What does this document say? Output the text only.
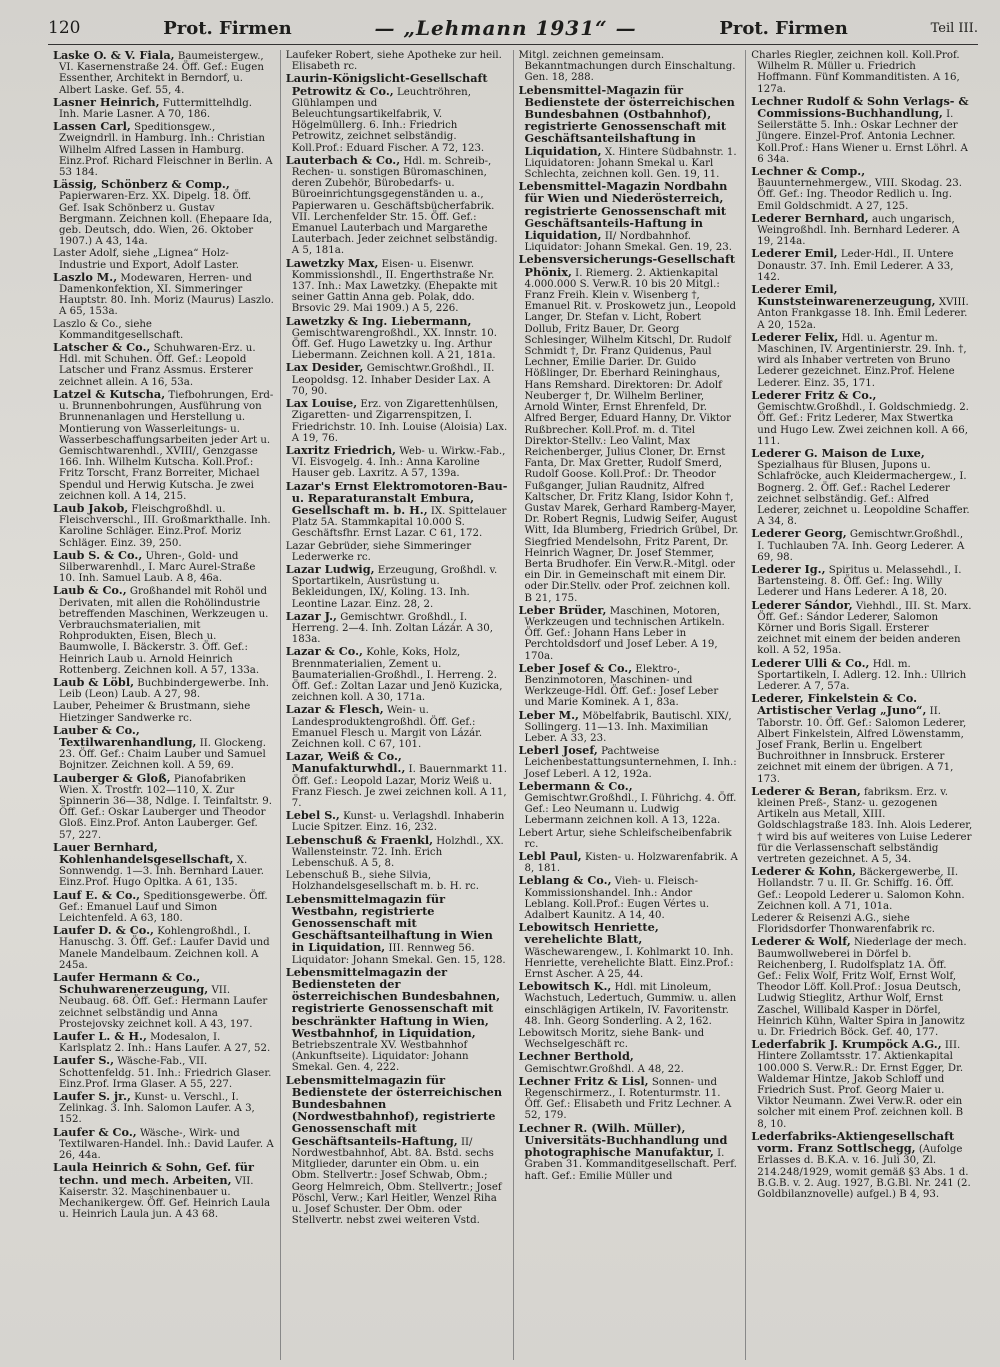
120	Prot. Firmen	— „Lehmann 1931“ —	Prot. Firmen	Teil III.
Laske O. & V. Fiala, Baumeistergew., VI. Kasernenstraße 24. Öff. Gef.: Eugen Essenther, Architekt in Berndorf, u. Albert Laske. Gef. 55, 4.
Lasner Heinrich, Futtermittelhdlg. Inh. Marie Lasner. A 70, 186.
Lassen Carl, Speditionsgew., Zweigndrll. in Hamburg. Inh.: Christian Wilhelm Alfred Lassen in Hamburg. Einz.Prof. Richard Fleischner in Berlin. A 53 184.
Lässig, Schönberz & Comp., Papierwaren-Erz. XX. Dipelg. 18. Öff. Gef. Isak Schönberz u. Gustav Bergmann. Zeichnen koll. (Ehepaare Ida, geb. Deutsch, ddo. Wien, 26. Oktober 1907.) A 43, 14a.
Laster Adolf, siehe „Lignea“ Holz-Industrie und Export, Adolf Laster.
Laszlo M., Modewaren, Herren- und Damenkonfektion, XI. Simmeringer Hauptstr. 80. Inh. Moriz (Maurus) Laszlo. A 65, 153a.
Laszlo & Co., siehe Kommanditgesellschaft.
Latscher & Co., Schuhwaren-Erz. u. Hdl. mit Schuhen. Öff. Gef.: Leopold Latscher und Franz Assmus. Ersterer zeichnet allein. A 16, 53a.
Latzel & Kutscha, Tiefbohrungen, Erd- u. Brunnenbohrungen, Ausführung von Brunnenanlagen und Herstellung u. Montierung von Wasserleitungs- u. Wasserbeschaffungsarbeiten jeder Art u. Gemischtwarenhdl., XVIII/, Genzgasse 166. Inh. Wilhelm Kutscha. Koll.Prof.: Fritz Torscht, Franz Borreiter, Michael Spendul und Herwig Kutscha. Je zwei zeichnen koll. A 14, 215.
Laub Jakob, Fleischgroßhdl. u. Fleischverschl., III. Großmarkthalle. Inh. Karoline Schläger. Einz.Prof. Moriz Schläger. Einz. 39, 250.
Laub S. & Co., Uhren-, Gold- und Silberwarenhdl., I. Marc Aurel-Straße 10. Inh. Samuel Laub. A 8, 46a.
Laub & Co., Großhandel mit Rohöl und Derivaten, mit allen die Rohölindustrie betreffenden Maschinen, Werkzeugen u. Verbrauchsmaterialien, mit Rohprodukten, Eisen, Blech u. Baumwolle, I. Bäckerstr. 3. Öff. Gef.: Heinrich Laub u. Arnold Heinrich Rottenberg. Zeichnen koll. A 57, 133a.
Laub & Löbl, Buchbindergewerbe. Inh. Leib (Leon) Laub. A 27, 98.
Lauber, Peheimer & Brustmann, siehe Hietzinger Sandwerke rc.
Lauber & Co., Textilwarenhandlung, II. Glockeng. 23. Öff. Gef.: Chaim Lauber und Samuel Bojnitzer. Zeichnen koll. A 59, 69.
Lauberger & Gloß, Pianofabriken Wien. X. Trostfr. 102—110, X. Zur Spinnerin 36—38, Ndlge. I. Teinfaltstr. 9. Öff. Gef.: Oskar Lauberger und Theodor Gloß. Einz.Prof. Anton Lauberger. Gef. 57, 227.
Lauer Bernhard, Kohlenhandelsgesellschaft, X. Sonnwendg. 1—3. Inh. Bernhard Lauer. Einz.Prof. Hugo Opltka. A 61, 135.
Lauf E. & Co., Speditionsgewerbe. Öff. Gef.: Emanuel Lauf und Simon Leichtenfeld. A 63, 180.
Laufer D. & Co., Kohlengroßhdl., I. Hanuschg. 3. Öff. Gef.: Laufer David und Manele Mandelbaum. Zeichnen koll. A 245a.
Laufer Hermann & Co., Schuhwarenerzeugung, VII. Neubaug. 68. Öff. Gef.: Hermann Laufer zeichnet selbständig und Anna Prostejovsky zeichnet koll. A 43, 197.
Laufer L. & H., Modesalon, I. Karlsplatz 2. Inh.: Hans Laufer. A 27, 52.
Laufer S., Wäsche-Fab., VII. Schottenfeldg. 51. Inh.: Friedrich Glaser. Einz.Prof. Irma Glaser. A 55, 227.
Laufer S. jr., Kunst- u. Verschl., I. Zelinkag. 3. Inh. Salomon Laufer. A 3, 152.
Laufer & Co., Wäsche-, Wirk- und Textilwaren-Handel. Inh.: David Laufer. A 26, 44a.
Laula Heinrich & Sohn, Gef. für techn. und mech. Arbeiten, VII. Kaiserstr. 32. Maschinenbauer u. Mechanikergew. Öff. Gef. Heinrich Laula u. Heinrich Laula jun. A 43 68.
Laufeker Robert, siehe Apotheke zur heil. Elisabeth rc.
Laurin-Königslicht-Gesellschaft Petrowitz & Co., Leuchtröhren, Glühlampen und Beleuchtungsartikelfabrik, V. Högelmüllerg. 6. Inh.: Friedrich Petrowitz, zeichnet selbständig. Koll.Prof.: Eduard Fischer. A 72, 123.
Lauterbach & Co., Hdl. m. Schreib-, Rechen- u. sonstigen Büromaschinen, deren Zubehör, Bürobedarfs- u. Büroeinrichtungsgegenständen u. a., Papierwaren u. Geschäftsbücherfabrik. VII. Lerchenfelder Str. 15. Öff. Gef.: Emanuel Lauterbach und Margarethe Lauterbach. Jeder zeichnet selbständig. A 5, 181a.
Lawetzky Max, Eisen- u. Eisenwr. Kommissionshdl., II. Engerthstraße Nr. 137. Inh.: Max Lawetzky. (Ehepakte mit seiner Gattin Anna geb. Polak, ddo. Brsovic 29. Mai 1909.) A 5, 226.
Lawetzky & Ing. Liebermann, Gemischtwarengroßhdl., XX. Innstr. 10. Öff. Gef. Hugo Lawetzky u. Ing. Arthur Liebermann. Zeichnen koll. A 21, 181a.
Lax Desider, Gemischtwr.Großhdl., II. Leopoldsg. 12. Inhaber Desider Lax. A 70, 90.
Lax Louise, Erz. von Zigarettenhülsen, Zigaretten- und Zigarrenspitzen, I. Friedrichstr. 10. Inh. Louise (Aloisia) Lax. A 19, 76.
Laxritz Friedrich, Web- u. Wirkw.-Fab., VI. Eisvogelg. 4. Inh.: Anna Karoline Hauser geb. Laxritz. A 57, 139a.
Lazar's Ernst Elektromotoren-Bau- u. Reparaturanstalt Embura, Gesellschaft m. b. H., IX. Spittelauer Platz 5A. Stammkapital 10.000 S. Geschäftsfhr. Ernst Lazar. C 61, 172.
Lazar Gebrüder, siehe Simmeringer Lederwerke rc.
Lazar Ludwig, Erzeugung, Großhdl. v. Sportartikeln, Ausrüstung u. Bekleidungen, IX/, Koling. 13. Inh. Leontine Lazar. Einz. 28, 2.
Lazar J., Gemischtwr. Großhdl., I. Herreng. 2—4. Inh. Zoltan Lázár. A 30, 183a.
Lazar & Co., Kohle, Koks, Holz, Brennmaterialien, Zement u. Baumaterialien-Großhdl., I. Herreng. 2. Öff. Gef.: Zoltan Lazar und Jenö Kuzicka, zeichnen koll. A 30, 171a.
Lazar & Flesch, Wein- u. Landesproduktengroßhdl. Öff. Gef.: Emanuel Flesch u. Margit von Lázár. Zeichnen koll. C 67, 101.
Lazar, Weiß & Co., Manufakturwhdl., I. Bauernmarkt 11. Öff. Gef.: Leopold Lazar, Moriz Weiß u. Franz Fiesch. Je zwei zeichnen koll. A 11, 7.
Lebel S., Kunst- u. Verlagshdl. Inhaberin Lucie Spitzer. Einz. 16, 232.
Lebenschuß & Fraenkl, Holzhdl., XX. Wallensteinstr. 72. Inh. Erich Lebenschuß. A 5, 8.
Lebenschuß B., siehe Silvia, Holzhandelsgesellschaft m. b. H. rc.
Lebensmittelmagazin für Westbahn, registrierte Genossenschaft mit Geschäftsanteilhaftung in Wien in Liquidation, III. Rennweg 56. Liquidator: Johann Smekal. Gen. 15, 128.
Lebensmittelmagazin der Bediensteten der österreichischen Bundesbahnen, registrierte Genossenschaft mit beschränkter Haftung in Wien, Westbahnhof, in Liquidation, Betriebszentrale XV. Westbahnhof (Ankunftseite). Liquidator: Johann Smekal. Gen. 4, 222.
Lebensmittelmagazin für Bedienstete der österreichischen Bundesbahnen (Nordwestbahnhof), registrierte Genossenschaft mit Geschäftsanteils-Haftung, II/ Nordwestbahnhof, Abt. 8A. Bstd. sechs Mitglieder, darunter ein Obm. u. ein Obm. Stellvertr.: Josef Schwab, Obm.; Georg Helmreich, Obm. Stellvertr.; Josef Pöschl, Verw.; Karl Heitler, Wenzel Riha u. Josef Schuster. Der Obm. oder Stellvertr. nebst zwei weiteren Vstd.
Mitgl. zeichnen gemeinsam. Bekanntmachungen durch Einschaltung. Gen. 18, 288.
Lebensmittel-Magazin für Bedienstete der österreichischen Bundesbahnen (Ostbahnhof), registrierte Genossenschaft mit Geschäftsanteilshaftung in Liquidation, X. Hintere Südbahnstr. 1. Liquidatoren: Johann Smekal u. Karl Schlechta, zeichnen koll. Gen. 19, 11.
Lebensmittel-Magazin Nordbahn für Wien und Niederösterreich, registrierte Genossenschaft mit Geschäftsanteils-Haftung in Liquidation, II/ Nordbahnhof. Liquidator: Johann Smekal. Gen. 19, 23.
Lebensversicherungs-Gesellschaft Phönix, I. Riemerg. 2. Aktienkapital 4.000.000 S. Verw.R. 10 bis 20 Mitgl.: Franz Freih. Klein v. Wisenberg †, Emanuel Rit. v. Proskowetz jun., Leopold Langer, Dr. Stefan v. Licht, Robert Dollub, Fritz Bauer, Dr. Georg Schlesinger, Wilhelm Kitschl, Dr. Rudolf Schmidt †, Dr. Franz Quidenus, Paul Lechner, Emilie Darier. Dr. Guido Hößlinger, Dr. Eberhard Reininghaus, Hans Remshard. Direktoren: Dr. Adolf Neuberger †, Dr. Wilhelm Berliner, Arnold Winter, Ernst Ehrenfeld, Dr. Alfred Berger, Eduard Hanny, Dr. Viktor Rußbrecher. Koll.Prof. m. d. Titel Direktor-Stellv.: Leo Valint, Max Reichenberger, Julius Cloner, Dr. Ernst Fanta, Dr. Max Gretter, Rudolf Smerd, Rudolf Goose. Koll.Prof.: Dr. Theodor Fußganger, Julian Raudnitz, Alfred Kaltscher, Dr. Fritz Klang, Isidor Kohn †, Gustav Marek, Gerhard Ramberg-Mayer, Dr. Robert Regnis, Ludwig Seifer, August Witt, Ida Blumberg, Friedrich Grübel, Dr. Siegfried Mendelsohn, Fritz Parent, Dr. Heinrich Wagner, Dr. Josef Stemmer, Berta Brudhofer. Ein Verw.R.-Mitgl. oder ein Dir. in Gemeinschaft mit einem Dir. oder Dir.Stellv. oder Prof. zeichnen koll. B 21, 175.
Leber Brüder, Maschinen, Motoren, Werkzeugen und technischen Artikeln. Öff. Gef.: Johann Hans Leber in Perchtoldsdorf und Josef Leber. A 19, 170a.
Leber Josef & Co., Elektro-, Benzinmotoren, Maschinen- und Werkzeuge-Hdl. Öff. Gef.: Josef Leber und Marie Kominek. A 1, 83a.
Leber M., Möbelfabrik, Bautischl. XIX/, Sollingerg. 11—13. Inh. Maximilian Leber. A 33, 23.
Leberl Josef, Pachtweise Leichenbestattungsunternehmen, I. Inh.: Josef Leberl. A 12, 192a.
Lebermann & Co., Gemischtwr.Großhdl., I. Führichg. 4. Öff. Gef.: Leo Neumann u. Ludwig Lebermann zeichnen koll. A 13, 122a.
Lebert Artur, siehe Schleifscheibenfabrik rc.
Lebl Paul, Kisten- u. Holzwarenfabrik. A 8, 181.
Leblang & Co., Vieh- u. Fleisch-Kommissionshandel. Inh.: Andor Leblang. Koll.Prof.: Eugen Vértes u. Adalbert Kaunitz. A 14, 40.
Lebowitsch Henriette, verehelichte Blatt, Wäschewarengew., I. Kohlmarkt 10. Inh. Henriette, verehelichte Blatt. Einz.Prof.: Ernst Ascher. A 25, 44.
Lebowitsch K., Hdl. mit Linoleum, Wachstuch, Ledertuch, Gummiw. u. allen einschlägigen Artikeln, IV. Favoritenstr. 48. Inh. Georg Sonderling. A 2, 162.
Lebowitsch Moritz, siehe Bank- und Wechselgeschäft rc.
Lechner Berthold, Gemischtwr.Großhdl. A 48, 22.
Lechner Fritz & Lisl, Sonnen- und Regenschirmerz., I. Rotenturmstr. 11. Öff. Gef.: Elisabeth und Fritz Lechner. A 52, 179.
Lechner R. (Wilh. Müller), Universitäts-Buchhandlung und photographische Manufaktur, I. Graben 31. Kommanditgesellschaft. Perf. haft. Gef.: Emilie Müller und
Charles Riegler, zeichnen koll. Koll.Prof. Wilhelm R. Müller u. Friedrich Hoffmann. Fünf Kommanditisten. A 16, 127a.
Lechner Rudolf & Sohn Verlags- & Commissions-Buchhandlung, I. Seilerstätte 5. Inh.: Oskar Lechner der Jüngere. Einzel-Prof. Antonia Lechner. Koll.Prof.: Hans Wiener u. Ernst Löhrl. A 6 34a.
Lechner & Comp., Bauunternehmergew., VIII. Skodag. 23. Öff. Gef.: Ing. Theodor Redlich u. Ing. Emil Goldschmidt. A 27, 125.
Lederer Bernhard, auch ungarisch, Weingroßhdl. Inh. Bernhard Lederer. A 19, 214a.
Lederer Emil, Leder-Hdl., II. Untere Donaustr. 37. Inh. Emil Lederer. A 33, 142.
Lederer Emil, Kunststeinwarenerzeugung, XVIII. Anton Frankgasse 18. Inh. Emil Lederer. A 20, 152a.
Lederer Felix, Hdl. u. Agentur m. Maschinen, IV. Argentinierstr. 29. Inh. †, wird als Inhaber vertreten von Bruno Lederer gezeichnet. Einz.Prof. Helene Lederer. Einz. 35, 171.
Lederer Fritz & Co., Gemischtw.Großhdl., I. Goldschmiedg. 2. Öff. Gef.: Fritz Lederer, Max Stwertka und Hugo Lew. Zwei zeichnen koll. A 66, 111.
Lederer G. Maison de Luxe, Spezialhaus für Blusen, Jupons u. Schlafröcke, auch Kleidermachergew., I. Bognerg. 2. Öff. Gef.: Rachel Lederer zeichnet selbständig. Gef.: Alfred Lederer, zeichnet u. Leopoldine Schaffer. A 34, 8.
Lederer Georg, Gemischtwr.Großhdl., I. Tuchlauben 7A. Inh. Georg Lederer. A 69, 98.
Lederer Ig., Spiritus u. Melassehdl., I. Bartensteing. 8. Öff. Gef.: Ing. Willy Lederer und Hans Lederer. A 18, 20.
Lederer Sándor, Viehhdl., III. St. Marx. Öff. Gef.: Sándor Lederer, Salomon Körner und Boris Sigall. Ersterer zeichnet mit einem der beiden anderen koll. A 52, 195a.
Lederer Ulli & Co., Hdl. m. Sportartikeln, I. Adlerg. 12. Inh.: Ullrich Lederer. A 7, 57a.
Lederer, Finkelstein & Co. Artistischer Verlag „Juno“, II. Taborstr. 10. Öff. Gef.: Salomon Lederer, Albert Finkelstein, Alfred Löwenstamm, Josef Frank, Berlin u. Engelbert Buchroithner in Innsbruck. Ersterer zeichnet mit einem der übrigen. A 71, 173.
Lederer & Beran, fabriksm. Erz. v. kleinen Preß-, Stanz- u. gezogenen Artikeln aus Metall, XIII. Goldschlagstraße 183. Inh. Alois Lederer, † wird bis auf weiteres von Luise Lederer für die Verlassenschaft selbständig vertreten gezeichnet. A 5, 34.
Lederer & Kohn, Bäckergewerbe, II. Hollandstr. 7 u. II. Gr. Schiffg. 16. Öff. Gef.: Leopold Lederer u. Salomon Kohn. Zeichnen koll. A 71, 101a.
Lederer & Reisenzi A.G., siehe Floridsdorfer Thonwarenfabrik rc.
Lederer & Wolf, Niederlage der mech. Baumwollweberei in Dörfel b. Reichenberg, I. Rudolfsplatz 1A. Öff. Gef.: Felix Wolf, Fritz Wolf, Ernst Wolf, Theodor Löff. Koll.Prof.: Josua Deutsch, Ludwig Stieglitz, Arthur Wolf, Ernst Zaschel, Willibald Kasper in Dörfel, Heinrich Kühn, Walter Spira in Janowitz u. Dr. Friedrich Böck. Gef. 40, 177.
Lederfabrik J. Krumpöck A.G., III. Hintere Zollamtsstr. 17. Aktienkapital 100.000 S. Verw.R.: Dr. Ernst Egger, Dr. Waldemar Hintze, Jakob Schloff und Friedrich Sust. Prof. Georg Maier u. Viktor Neumann. Zwei Verw.R. oder ein solcher mit einem Prof. zeichnen koll. B 8, 10.
Lederfabriks-Aktiengesellschaft vorm. Franz Sottlschegg, (Aufolge Erlasses d. B.K.A. v. 16. Juli 30, Zl. 214.248/1929, womit gemäß §3 Abs. 1 d. B.G.B. v. 2. Aug. 1927, B.G.Bl. Nr. 241 (2. Goldbilanznovelle) aufgel.) B 4, 93.
